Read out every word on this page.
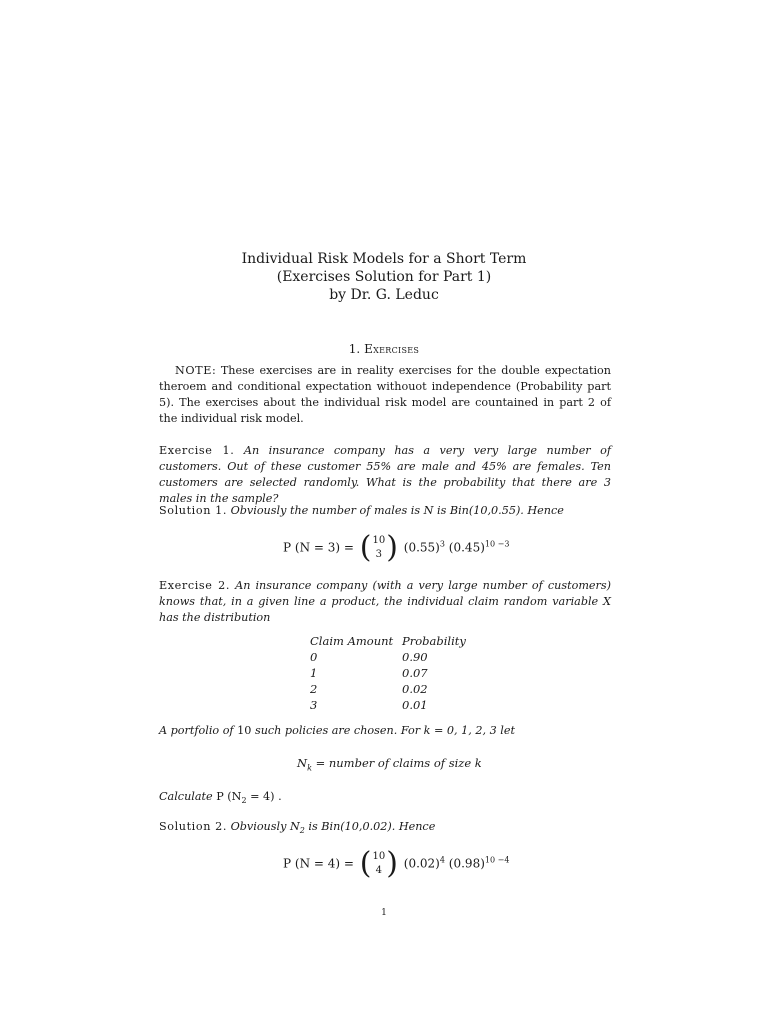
Individual Risk Models for a Short Term
(Exercises Solution for Part 1)
by Dr. G. Leduc
1. Exercises
NOTE: These exercises are in reality exercises for the double expectation theroem and conditional expectation withouot independence (Probability part 5). The exercises about the individual risk model are countained in part 2 of the individual risk model.
Exercise 1. An insurance company has a very very large number of customers. Out of these customer 55% are male and 45% are females. Ten customers are selected randomly. What is the probability that there are 3 males in the sample?
Solution 1. Obviously the number of males is N is Bin(10,0.55). Hence
P (N = 3) = ( 10
3 ) $(0.55)^3$ $(0.45)^{10 -3}$
Exercise 2. An insurance company (with a very large number of customers) knows that, in a given line a product, the individual claim random variable X has the distribution
Claim Amount Probability
0	0.90
1	0.07
2	0.02
3	0.01
A portfolio of 10 such policies are chosen. For k = 0, 1, 2, 3 let
$N_k$ = number of claims of size k
Calculate P $(N_2 = 4)$ .
Solution 2. Obviously $N_2$ is Bin(10,0.02). Hence
P (N = 4) = ( 10
4 ) $(0.02)^4$ $(0.98)^{10 -4}$
1
